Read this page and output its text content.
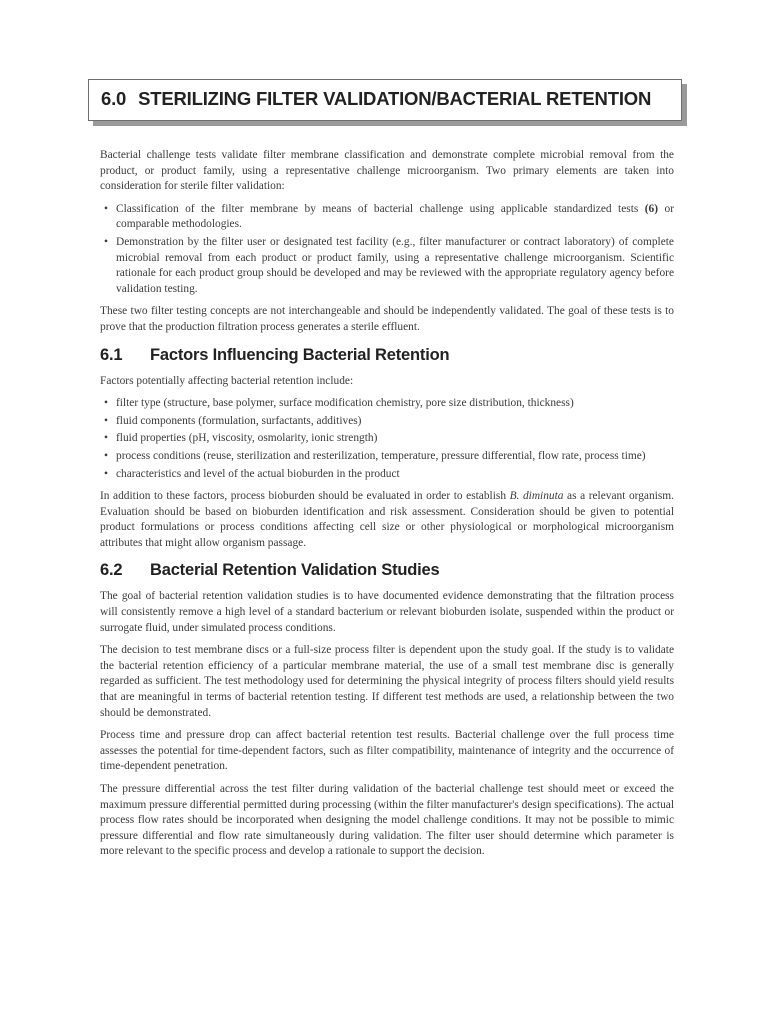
6.0 STERILIZING FILTER VALIDATION/BACTERIAL RETENTION

Bacterial challenge tests validate filter membrane classification and demonstrate complete microbial removal from the product, or product family, using a representative challenge microorganism. Two primary elements are taken into consideration for sterile filter validation:

• Classification of the filter membrane by means of bacterial challenge using applicable standardized tests (6) or comparable methodologies.
• Demonstration by the filter user or designated test facility (e.g., filter manufacturer or contract laboratory) of complete microbial removal from each product or product family, using a representative challenge microorganism. Scientific rationale for each product group should be developed and may be reviewed with the appropriate regulatory agency before validation testing.

These two filter testing concepts are not interchangeable and should be independently validated. The goal of these tests is to prove that the production filtration process generates a sterile effluent.

6.1 Factors Influencing Bacterial Retention

Factors potentially affecting bacterial retention include:

• filter type (structure, base polymer, surface modification chemistry, pore size distribution, thickness)
• fluid components (formulation, surfactants, additives)
• fluid properties (pH, viscosity, osmolarity, ionic strength)
• process conditions (reuse, sterilization and resterilization, temperature, pressure differential, flow rate, process time)
• characteristics and level of the actual bioburden in the product

In addition to these factors, process bioburden should be evaluated in order to establish B. diminuta as a relevant organism. Evaluation should be based on bioburden identification and risk assessment. Consideration should be given to potential product formulations or process conditions affecting cell size or other physiological or morphological microorganism attributes that might allow organism passage.

6.2 Bacterial Retention Validation Studies

The goal of bacterial retention validation studies is to have documented evidence demonstrating that the filtration process will consistently remove a high level of a standard bacterium or relevant bioburden isolate, suspended within the product or surrogate fluid, under simulated process conditions.

The decision to test membrane discs or a full-size process filter is dependent upon the study goal. If the study is to validate the bacterial retention efficiency of a particular membrane material, the use of a small test membrane disc is generally regarded as sufficient. The test methodology used for determining the physical integrity of process filters should yield results that are meaningful in terms of bacterial retention testing. If different test methods are used, a relationship between the two should be demonstrated.

Process time and pressure drop can affect bacterial retention test results. Bacterial challenge over the full process time assesses the potential for time-dependent factors, such as filter compatibility, maintenance of integrity and the occurrence of time-dependent penetration.

The pressure differential across the test filter during validation of the bacterial challenge test should meet or exceed the maximum pressure differential permitted during processing (within the filter manufacturer's design specifications). The actual process flow rates should be incorporated when designing the model challenge conditions. It may not be possible to mimic pressure differential and flow rate simultaneously during validation. The filter user should determine which parameter is more relevant to the specific process and develop a rationale to support the decision.
